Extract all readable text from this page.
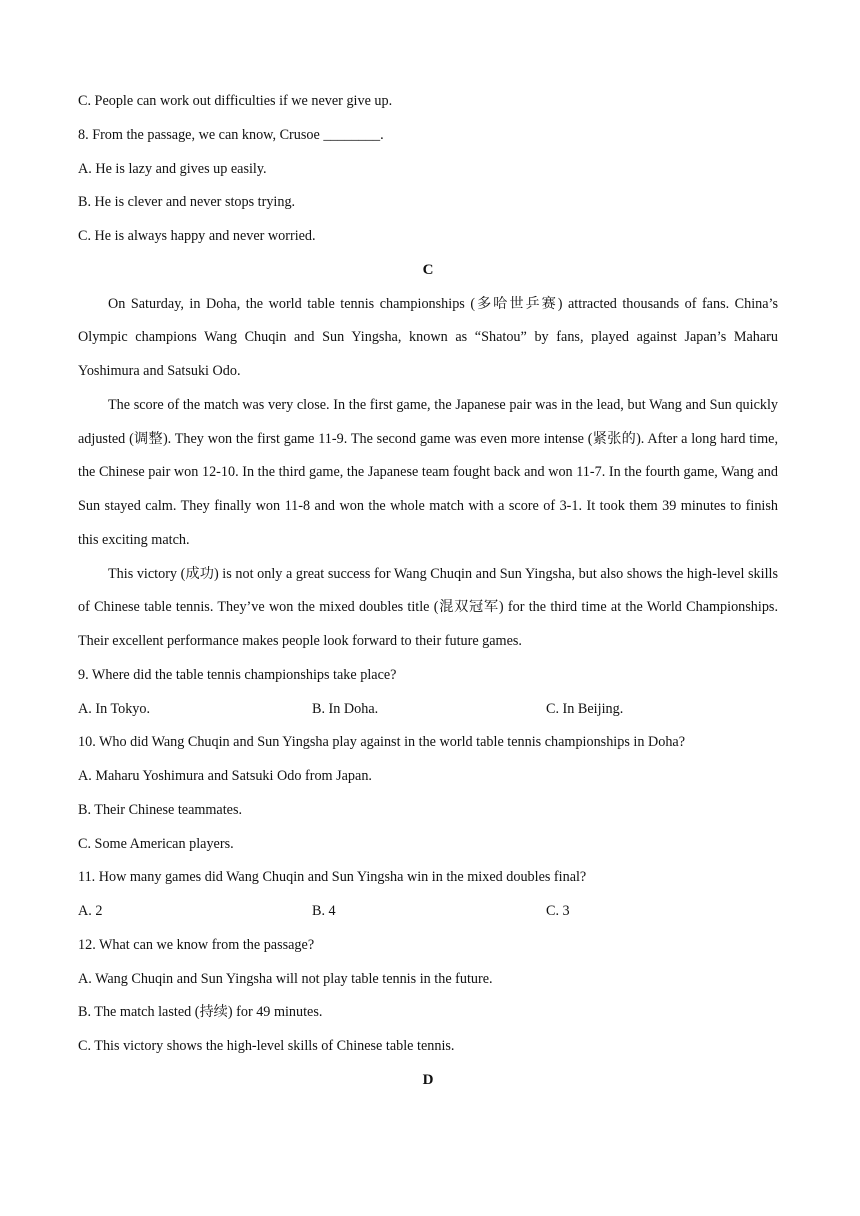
C. People can work out difficulties if we never give up.

8. From the passage, we can know, Crusoe ________.

A. He is lazy and gives up easily.

B. He is clever and never stops trying.

C. He is always happy and never worried.

C

On Saturday, in Doha, the world table tennis championships (多哈世乒赛) attracted thousands of fans. China’s Olympic champions Wang Chuqin and Sun Yingsha, known as “Shatou” by fans, played against Japan’s Maharu Yoshimura and Satsuki Odo.

The score of the match was very close. In the first game, the Japanese pair was in the lead, but Wang and Sun quickly adjusted (调整). They won the first game 11-9. The second game was even more intense (紧张的). After a long hard time, the Chinese pair won 12-10. In the third game, the Japanese team fought back and won 11-7. In the fourth game, Wang and Sun stayed calm. They finally won 11-8 and won the whole match with a score of 3-1. It took them 39 minutes to finish this exciting match.

This victory (成功) is not only a great success for Wang Chuqin and Sun Yingsha, but also shows the high-level skills of Chinese table tennis. They’ve won the mixed doubles title (混双冠军) for the third time at the World Championships. Their excellent performance makes people look forward to their future games.

9. Where did the table tennis championships take place?

A. In Tokyo.	B. In Doha.	C. In Beijing.

10. Who did Wang Chuqin and Sun Yingsha play against in the world table tennis championships in Doha?

A. Maharu Yoshimura and Satsuki Odo from Japan.

B. Their Chinese teammates.

C. Some American players.

11. How many games did Wang Chuqin and Sun Yingsha win in the mixed doubles final?

A. 2	B. 4	C. 3

12. What can we know from the passage?

A. Wang Chuqin and Sun Yingsha will not play table tennis in the future.

B. The match lasted (持续) for 49 minutes.

C. This victory shows the high-level skills of Chinese table tennis.

D
